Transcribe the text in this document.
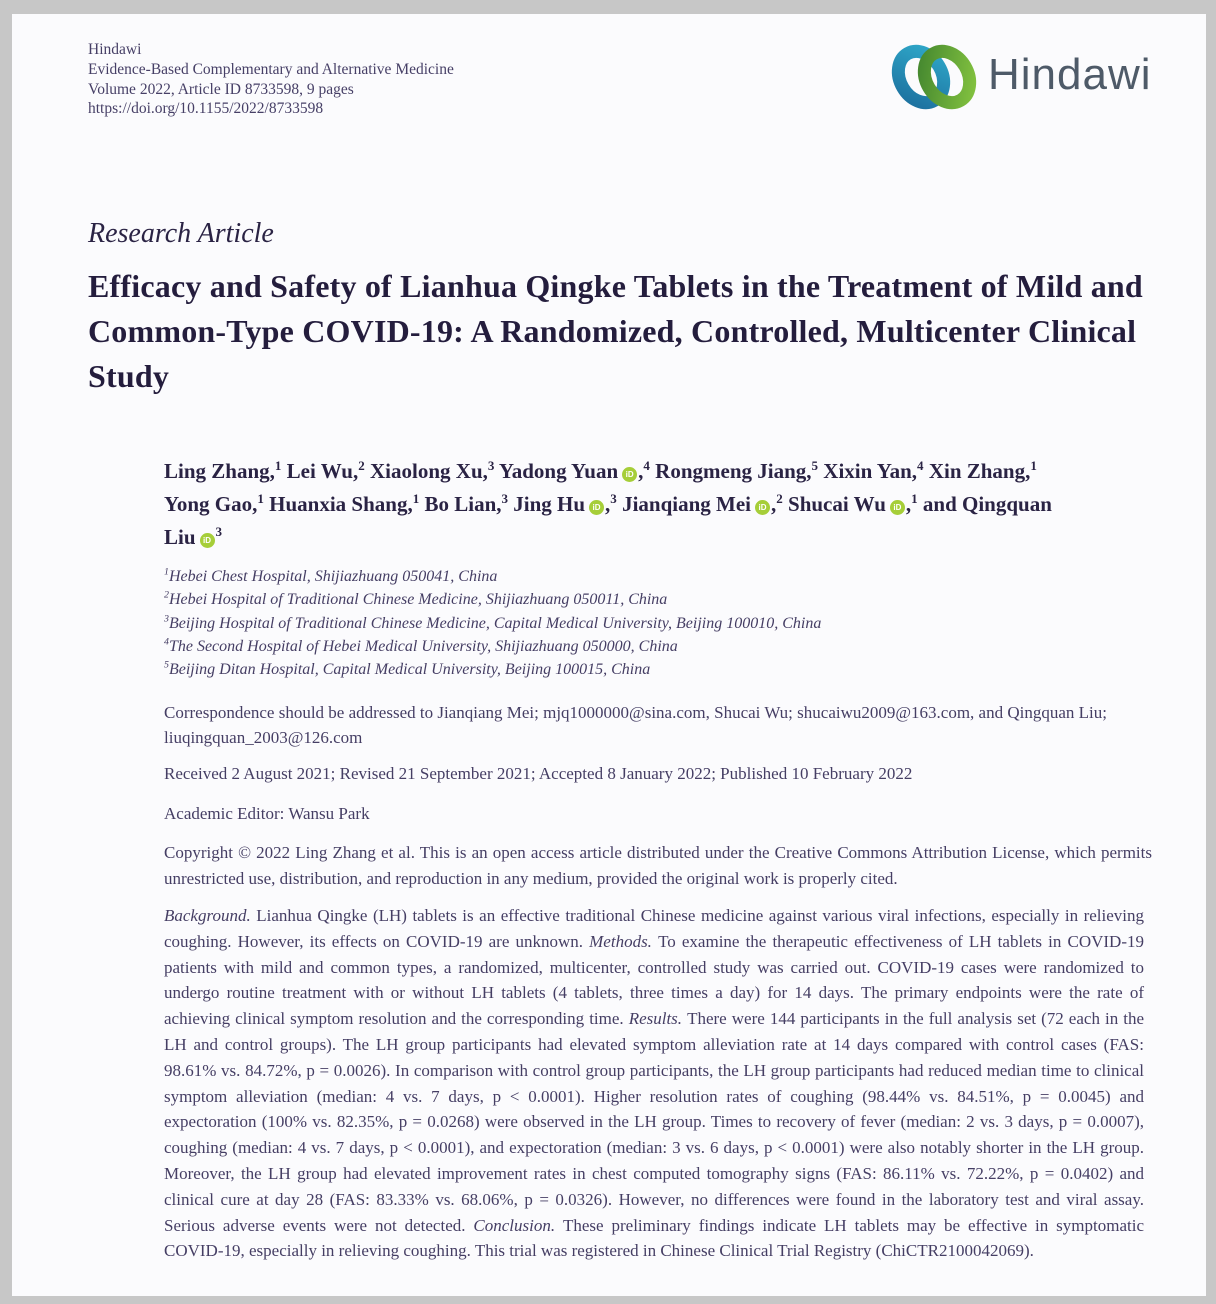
Hindawi
Evidence-Based Complementary and Alternative Medicine
Volume 2022, Article ID 8733598, 9 pages
https://doi.org/10.1155/2022/8733598
Hindawi
Research Article
Efficacy and Safety of Lianhua Qingke Tablets in the Treatment of Mild and Common-Type COVID-19: A Randomized, Controlled, Multicenter Clinical Study
Ling Zhang,$^1$ Lei Wu,$^2$ Xiaolong Xu,$^3$ Yadong Yuan iD ,$^4$ Rongmeng Jiang,$^5$ Xixin Yan,$^4$ Xin Zhang,$^1$ Yong Gao,$^1$ Huanxia Shang,$^1$ Bo Lian,$^3$ Jing Hu iD ,$^3$ Jianqiang Mei iD ,$^2$ Shucai Wu iD ,$^1$ and Qingquan Liu $iD^3$
$^1$Hebei Chest Hospital, Shijiazhuang 050041, China
$^2$Hebei Hospital of Traditional Chinese Medicine, Shijiazhuang 050011, China
$^3$Beijing Hospital of Traditional Chinese Medicine, Capital Medical University, Beijing 100010, China
$^4$The Second Hospital of Hebei Medical University, Shijiazhuang 050000, China
$^5$Beijing Ditan Hospital, Capital Medical University, Beijing 100015, China
Correspondence should be addressed to Jianqiang Mei; mjq1000000@sina.com, Shucai Wu; shucaiwu2009@163.com, and Qingquan Liu; liuqingquan_2003@126.com
Received 2 August 2021; Revised 21 September 2021; Accepted 8 January 2022; Published 10 February 2022
Academic Editor: Wansu Park
Copyright © 2022 Ling Zhang et al. This is an open access article distributed under the Creative Commons Attribution License, which permits unrestricted use, distribution, and reproduction in any medium, provided the original work is properly cited.
Background. Lianhua Qingke (LH) tablets is an effective traditional Chinese medicine against various viral infections, especially in relieving coughing. However, its effects on COVID-19 are unknown. Methods. To examine the therapeutic effectiveness of LH tablets in COVID-19 patients with mild and common types, a randomized, multicenter, controlled study was carried out. COVID-19 cases were randomized to undergo routine treatment with or without LH tablets (4 tablets, three times a day) for 14 days. The primary endpoints were the rate of achieving clinical symptom resolution and the corresponding time. Results. There were 144 participants in the full analysis set (72 each in the LH and control groups). The LH group participants had elevated symptom alleviation rate at 14 days compared with control cases (FAS: 98.61% vs. 84.72%, p = 0.0026). In comparison with control group participants, the LH group participants had reduced median time to clinical symptom alleviation (median: 4 vs. 7 days, p < 0.0001). Higher resolution rates of coughing (98.44% vs. 84.51%, p = 0.0045) and expectoration (100% vs. 82.35%, p = 0.0268) were observed in the LH group. Times to recovery of fever (median: 2 vs. 3 days, p = 0.0007), coughing (median: 4 vs. 7 days, p < 0.0001), and expectoration (median: 3 vs. 6 days, p < 0.0001) were also notably shorter in the LH group. Moreover, the LH group had elevated improvement rates in chest computed tomography signs (FAS: 86.11% vs. 72.22%, p = 0.0402) and clinical cure at day 28 (FAS: 83.33% vs. 68.06%, p = 0.0326). However, no differences were found in the laboratory test and viral assay. Serious adverse events were not detected. Conclusion. These preliminary findings indicate LH tablets may be effective in symptomatic COVID-19, especially in relieving coughing. This trial was registered in Chinese Clinical Trial Registry (ChiCTR2100042069).
